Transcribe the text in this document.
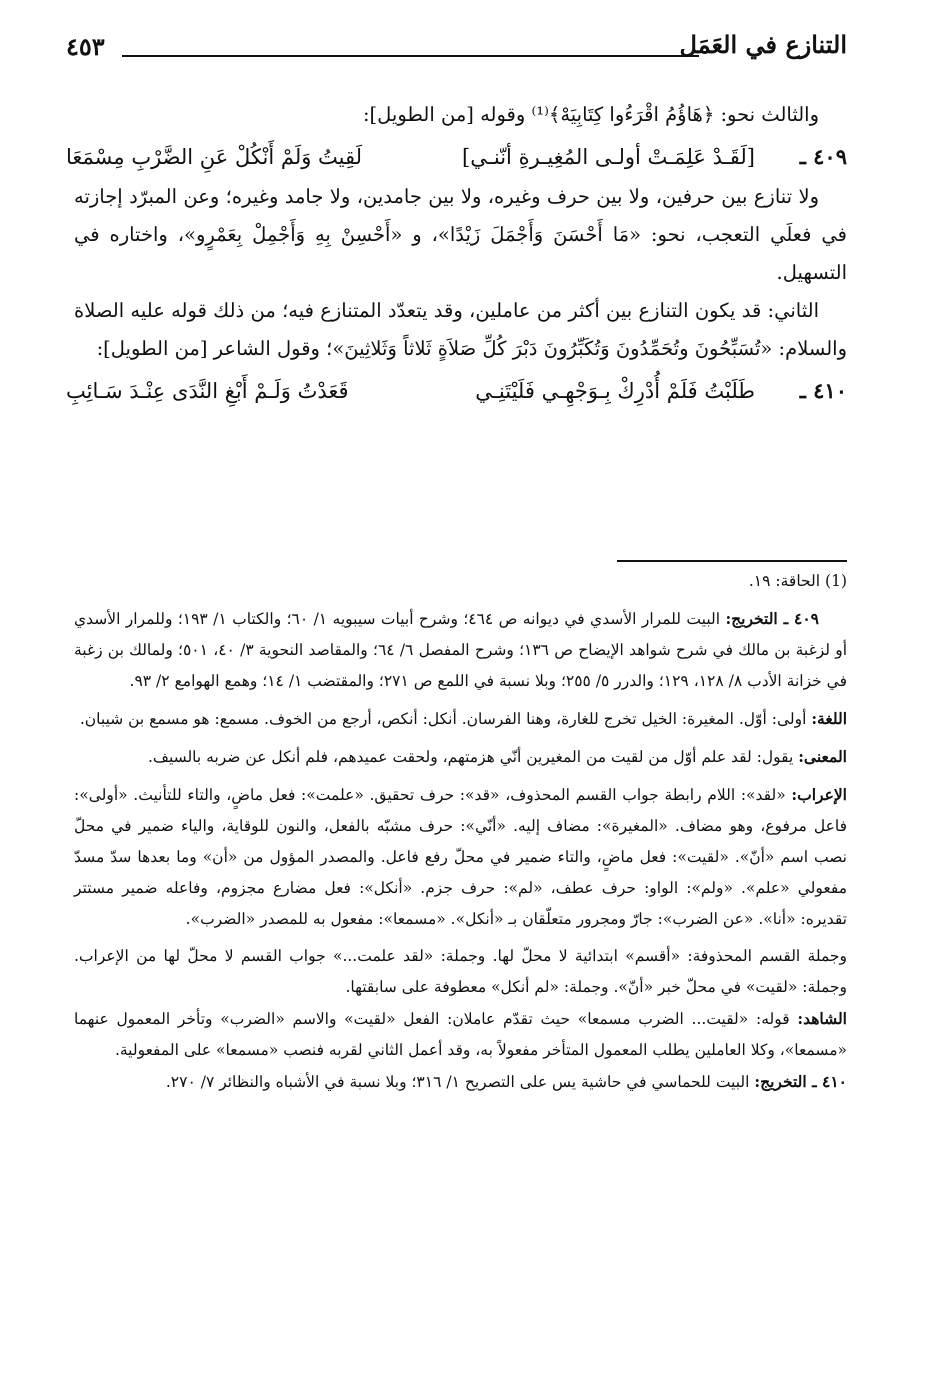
التنازع في العَمَل
٤٥٣

والثالث نحو: ﴿هَاؤُمُ اقْرَءُوا كِتَابِيَهْ﴾⁽¹⁾ وقوله [من الطويل]:

٤٠٩ ـ
[لَقَـدْ عَلِمَـتْ أولـى المُغِيـرةِ أنّنـي]
لَقِيتُ وَلَمْ أَنْكُلْ عَنِ الضَّرْبِ مِسْمَعَا

ولا تنازع بين حرفين، ولا بين حرف وغيره، ولا بين جامدين، ولا جامد وغيره؛ وعن المبرّد إجازته في فعلَي التعجب، نحو: «مَا أَحْسَنَ وَأَجْمَلَ زَيْدًا»، و «أَحْسِنْ بِهِ وَأَجْمِلْ بِعَمْرٍو»، واختاره في التسهيل.

الثاني: قد يكون التنازع بين أكثر من عاملين، وقد يتعدّد المتنازع فيه؛ من ذلك قوله عليه الصلاة والسلام: «تُسَبِّحُونَ وتُحَمِّدُونَ وَتُكَبِّرُونَ دَبْرَ كُلِّ صَلاَةٍ ثَلاثاً وَثَلاثِينَ»؛ وقول الشاعر [من الطويل]:

٤١٠ ـ
طَلَبْتُ فَلَمْ أُدْرِكْ بِـوَجْهِـي فَلَيْتَنِـي
قَعَدْتُ وَلَـمْ أَبْغِ النَّدَى عِنْـدَ سَـائِبِ

(1) الحاقة: ١٩.

٤٠٩ ـ التخريج: البيت للمرار الأسدي في ديوانه ص ٤٦٤؛ وشرح أبيات سيبويه ١/ ٦٠؛ والكتاب ١/ ١٩٣؛ وللمرار الأسدي أو لزغبة بن مالك في شرح شواهد الإيضاح ص ١٣٦؛ وشرح المفصل ٦/ ٦٤؛ والمقاصد النحوية ٣/ ٤٠، ٥٠١؛ ولمالك بن زغبة في خزانة الأدب ٨/ ١٢٨، ١٢٩؛ والدرر ٥/ ٢٥٥؛ وبلا نسبة في اللمع ص ٢٧١؛ والمقتضب ١/ ١٤؛ وهمع الهوامع ٢/ ٩٣.

اللغة: أولى: أوّل. المغيرة: الخيل تخرج للغارة، وهنا الفرسان. أنكل: أنكص، أرجع من الخوف. مسمع: هو مسمع بن شيبان.

المعنى: يقول: لقد علم أوّل من لقيت من المغيرين أنّي هزمتهم، ولحقت عميدهم، فلم أنكل عن ضربه بالسيف.

الإعراب: «لقد»: اللام رابطة جواب القسم المحذوف، «قد»: حرف تحقيق. «علمت»: فعل ماضٍ، والتاء للتأنيث. «أولى»: فاعل مرفوع، وهو مضاف. «المغيرة»: مضاف إليه. «أنّي»: حرف مشبّه بالفعل، والنون للوقاية، والياء ضمير في محلّ نصب اسم «أنّ». «لقيت»: فعل ماضٍ، والتاء ضمير في محلّ رفع فاعل. والمصدر المؤول من «أن» وما بعدها سدّ مسدّ مفعولي «علم». «ولم»: الواو: حرف عطف، «لم»: حرف جزم. «أنكل»: فعل مضارع مجزوم، وفاعله ضمير مستتر تقديره: «أنا». «عن الضرب»: جارّ ومجرور متعلّقان بـ «أنكل». «مسمعا»: مفعول به للمصدر «الضرب».

وجملة القسم المحذوفة: «أقسم» ابتدائية لا محلّ لها. وجملة: «لقد علمت...» جواب القسم لا محلّ لها من الإعراب. وجملة: «لقيت» في محلّ خبر «أنّ». وجملة: «لم أنكل» معطوفة على سابقتها.

الشاهد: قوله: «لقيت... الضرب مسمعا» حيث تقدّم عاملان: الفعل «لقيت» والاسم «الضرب» وتأخر المعمول عنهما «مسمعا»، وكلا العاملين يطلب المعمول المتأخر مفعولاً به، وقد أعمل الثاني لقربه فنصب «مسمعا» على المفعولية.

٤١٠ ـ التخريج: البيت للحماسي في حاشية يس على التصريح ١/ ٣١٦؛ وبلا نسبة في الأشباه والنظائر ٧/ ٢٧٠.
